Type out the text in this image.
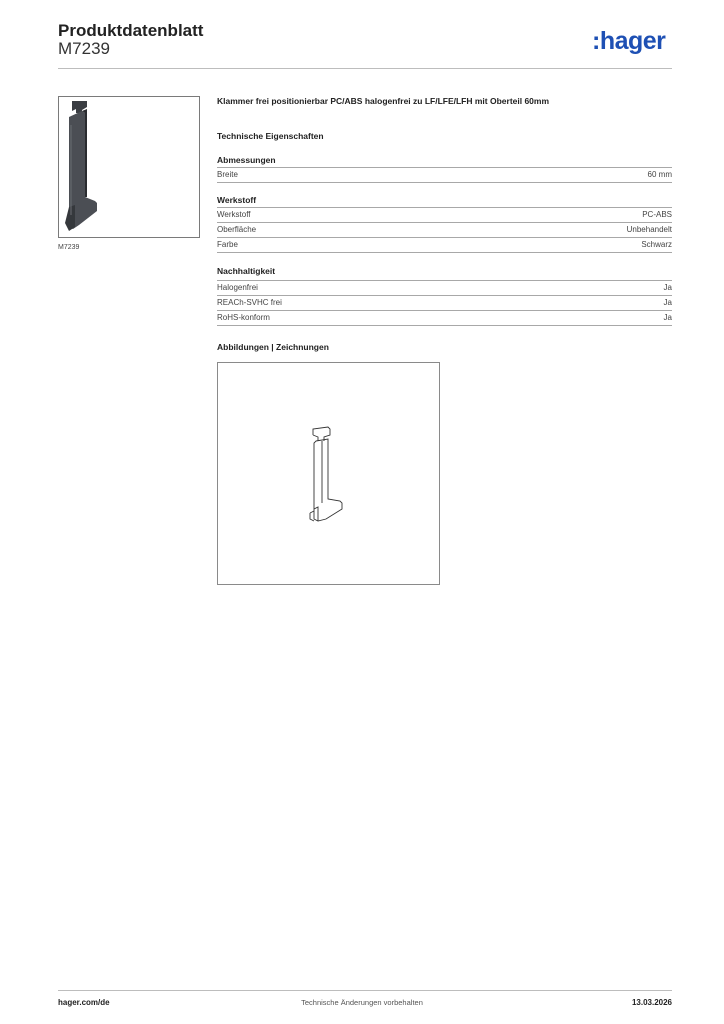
Produktdatenblatt
M7239	:hager
M7239
Klammer frei positionierbar PC/ABS halogenfrei zu LF/LFE/LFH mit Oberteil 60mm
Technische Eigenschaften
Abmessungen
Breite	60 mm
Werkstoff
Werkstoff	PC-ABS
Oberfläche	Unbehandelt
Farbe	Schwarz
Nachhaltigkeit
Halogenfrei	Ja
REACh-SVHC frei	Ja
RoHS-konform	Ja
Abbildungen | Zeichnungen
hager.com/de	Technische Änderungen vorbehalten	13.03.2026
